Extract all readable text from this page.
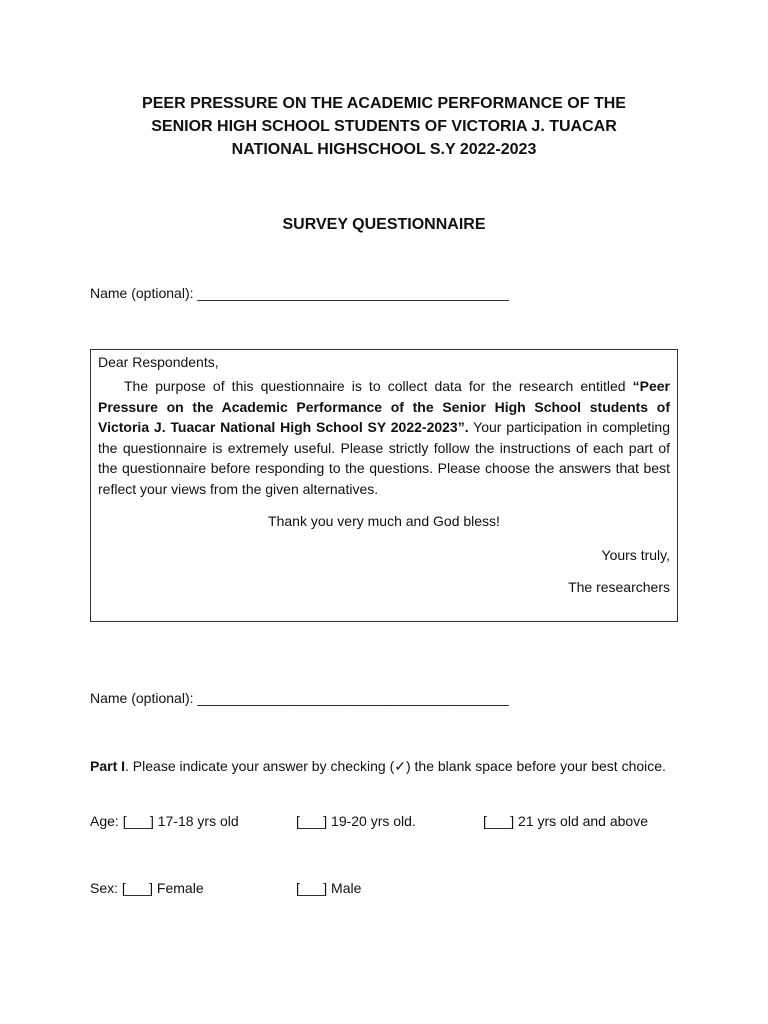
PEER PRESSURE ON THE ACADEMIC PERFORMANCE OF THE
SENIOR HIGH SCHOOL STUDENTS OF VICTORIA J. TUACAR
NATIONAL HIGHSCHOOL S.Y 2022-2023
SURVEY QUESTIONNAIRE
Name (optional): ________________________________________
Dear Respondents,
The purpose of this questionnaire is to collect data for the research entitled “Peer Pressure on the Academic Performance of the Senior High School students of Victoria J. Tuacar National High School SY 2022-2023”. Your participation in completing the questionnaire is extremely useful. Please strictly follow the instructions of each part of the questionnaire before responding to the questions. Please choose the answers that best reflect your views from the given alternatives.
Thank you very much and God bless!
Yours truly,
The researchers
Name (optional): ________________________________________
Part I. Please indicate your answer by checking (✓) the blank space before your best choice.
Age: [___] 17-18 yrs old	[___] 19-20 yrs old.	[___] 21 yrs old and above
Sex: [___] Female	[___] Male
